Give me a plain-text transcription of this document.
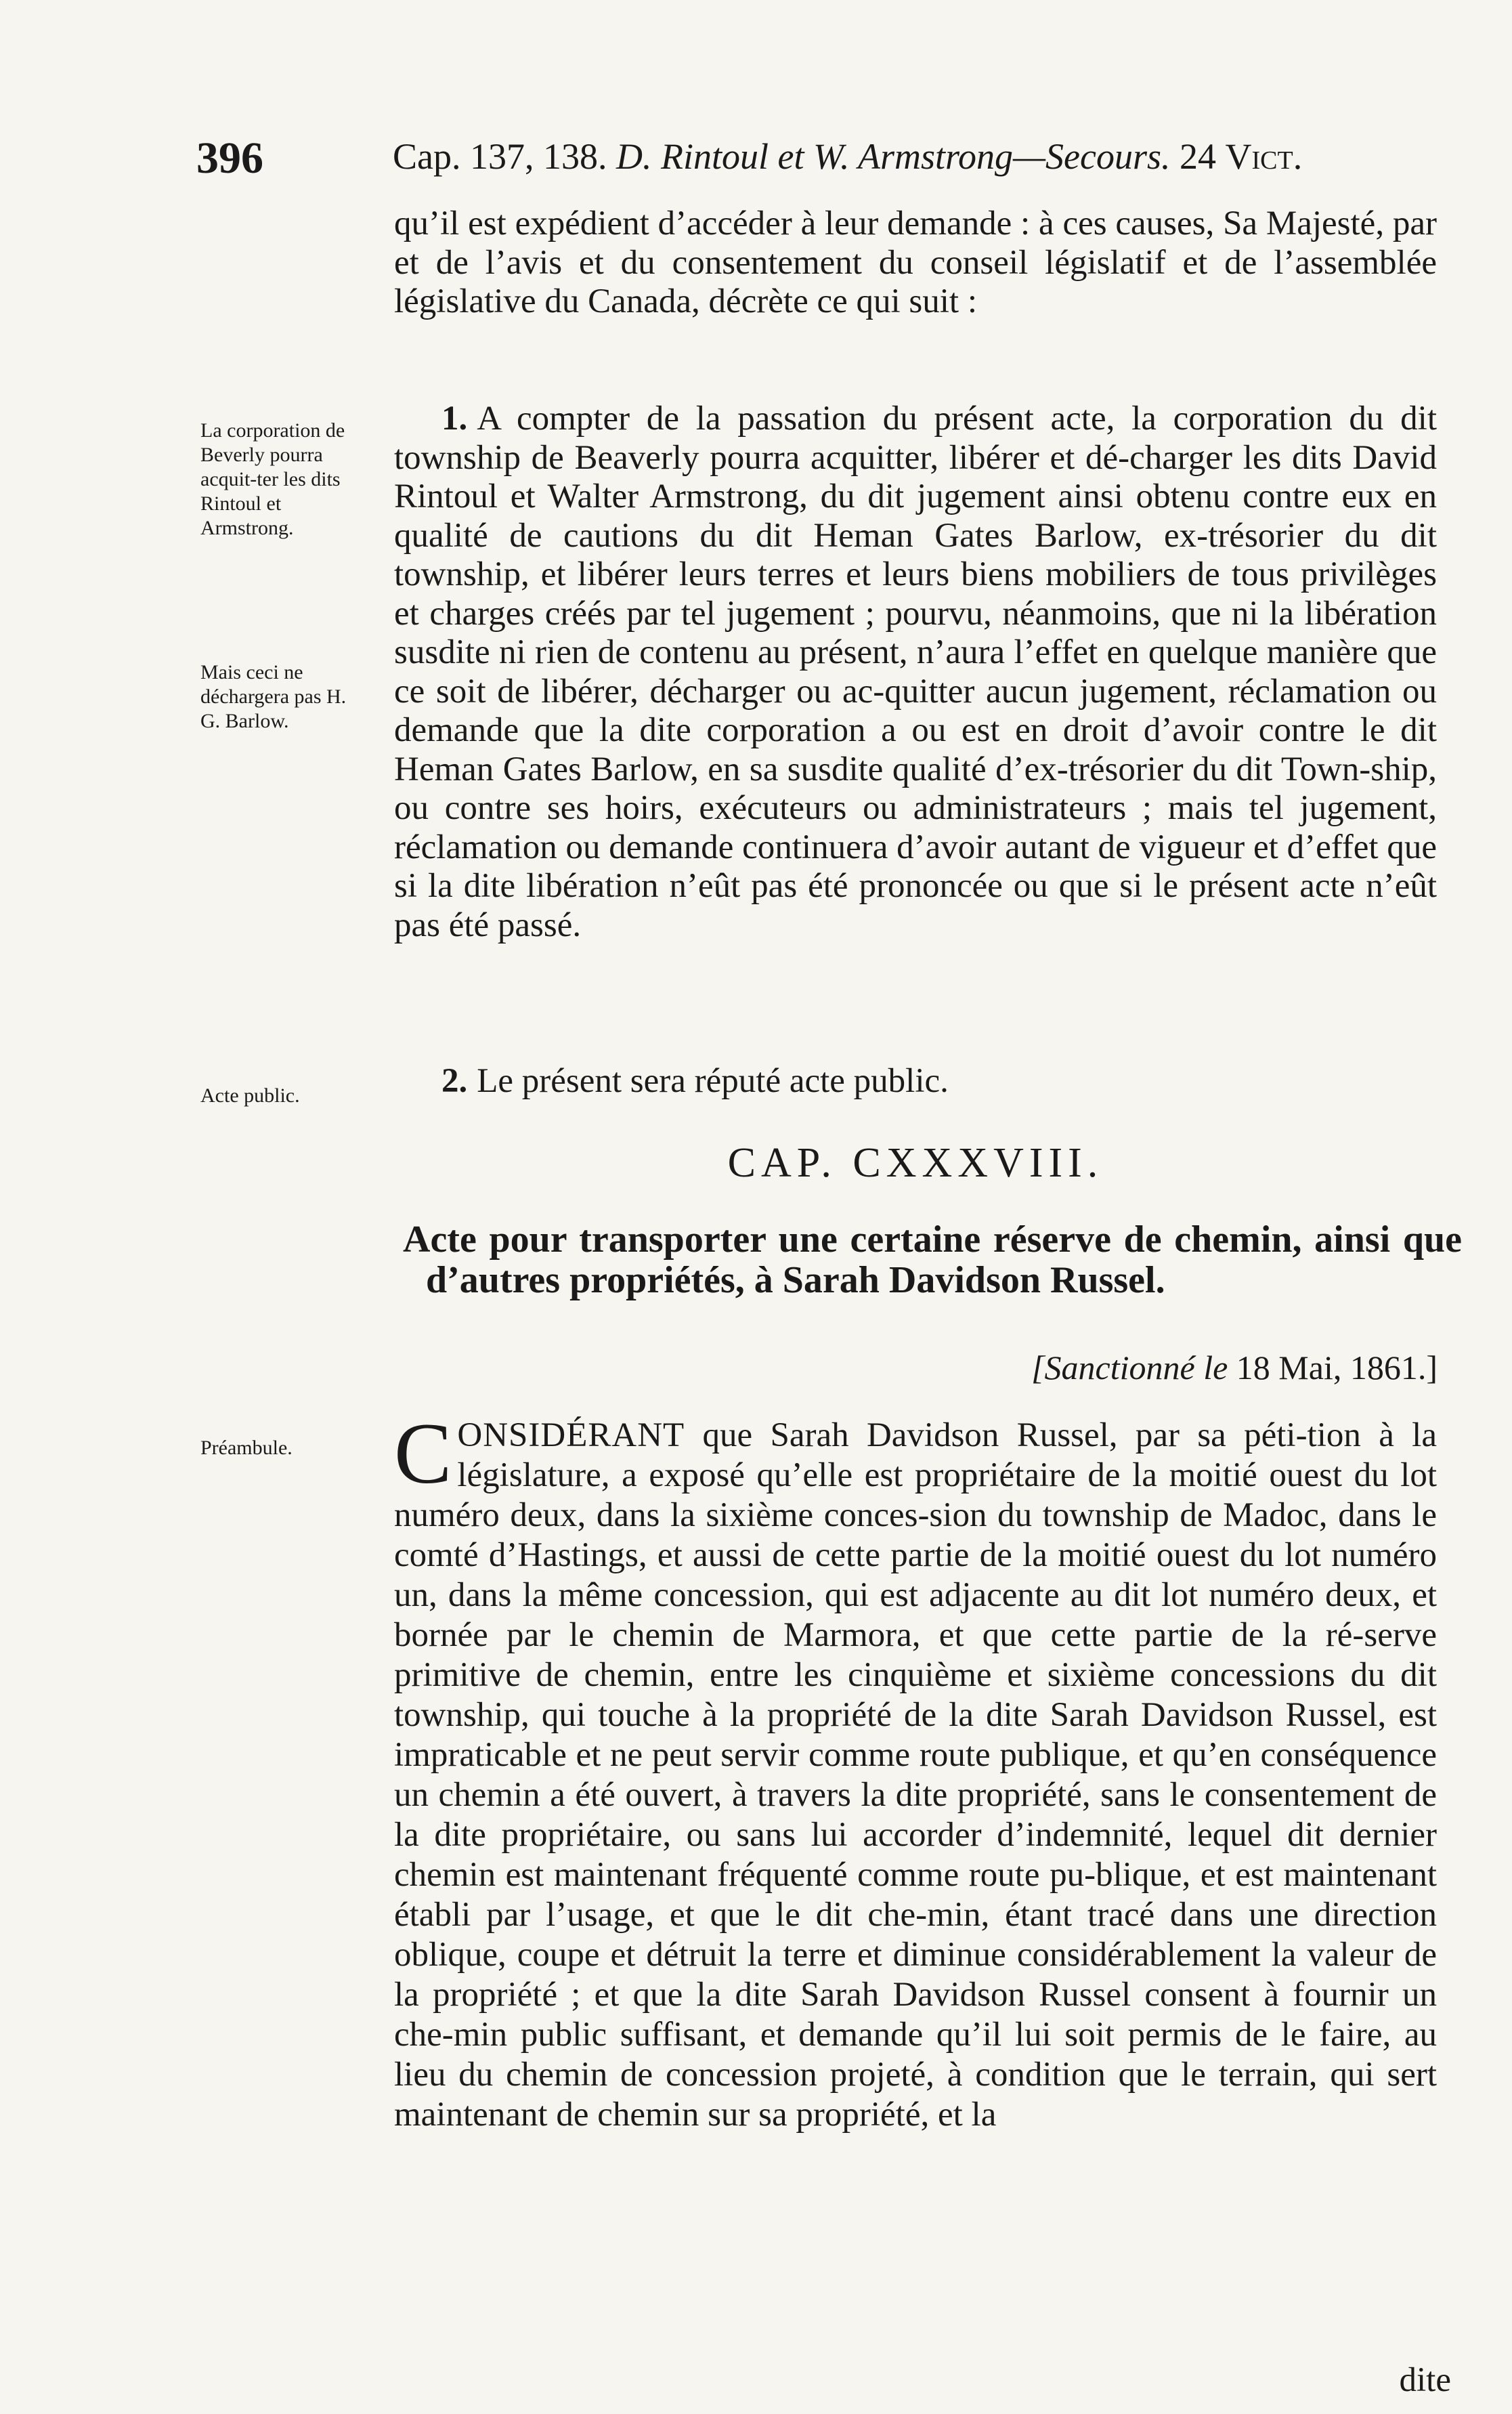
396	Cap. 137, 138. D. Rintoul et W. Armstrong—Secours. 24 Vict.

qu’il est expédient d’accéder à leur demande : à ces causes, Sa Majesté, par et de l’avis et du consentement du conseil législatif et de l’assemblée législative du Canada, décrète ce qui suit :

La corporation de Beverly pourra acquit-ter les dits Rintoul et Armstrong.
Mais ceci ne déchargera pas H. G. Barlow.

1. A compter de la passation du présent acte, la corporation du dit township de Beaverly pourra acquitter, libérer et dé-charger les dits David Rintoul et Walter Armstrong, du dit jugement ainsi obtenu contre eux en qualité de cautions du dit Heman Gates Barlow, ex-trésorier du dit township, et libérer leurs terres et leurs biens mobiliers de tous privilèges et charges créés par tel jugement ; pourvu, néanmoins, que ni la libération susdite ni rien de contenu au présent, n’aura l’effet en quelque manière que ce soit de libérer, décharger ou ac-quitter aucun jugement, réclamation ou demande que la dite corporation a ou est en droit d’avoir contre le dit Heman Gates Barlow, en sa susdite qualité d’ex-trésorier du dit Town-ship, ou contre ses hoirs, exécuteurs ou administrateurs ; mais tel jugement, réclamation ou demande continuera d’avoir autant de vigueur et d’effet que si la dite libération n’eût pas été prononcée ou que si le présent acte n’eût pas été passé.

Acte public.	2. Le présent sera réputé acte public.

CAP. CXXXVIII.
Acte pour transporter une certaine réserve de chemin, ainsi que d’autres propriétés, à Sarah Davidson Russel.
[Sanctionné le 18 Mai, 1861.]
Préambule.	CONSIDÉRANT que Sarah Davidson Russel, par sa péti-tion à la législature, a exposé qu’elle est propriétaire de la moitié ouest du lot numéro deux, dans la sixième conces-sion du township de Madoc, dans le comté d’Hastings, et aussi de cette partie de la moitié ouest du lot numéro un, dans la même concession, qui est adjacente au dit lot numéro deux, et bornée par le chemin de Marmora, et que cette partie de la ré-serve primitive de chemin, entre les cinquième et sixième concessions du dit township, qui touche à la propriété de la dite Sarah Davidson Russel, est impraticable et ne peut servir comme route publique, et qu’en conséquence un chemin a été ouvert, à travers la dite propriété, sans le consentement de la dite propriétaire, ou sans lui accorder d’indemnité, lequel dit dernier chemin est maintenant fréquenté comme route pu-blique, et est maintenant établi par l’usage, et que le dit che-min, étant tracé dans une direction oblique, coupe et détruit la terre et diminue considérablement la valeur de la propriété ; et que la dite Sarah Davidson Russel consent à fournir un che-min public suffisant, et demande qu’il lui soit permis de le faire, au lieu du chemin de concession projeté, à condition que le terrain, qui sert maintenant de chemin sur sa propriété, et la
dite
